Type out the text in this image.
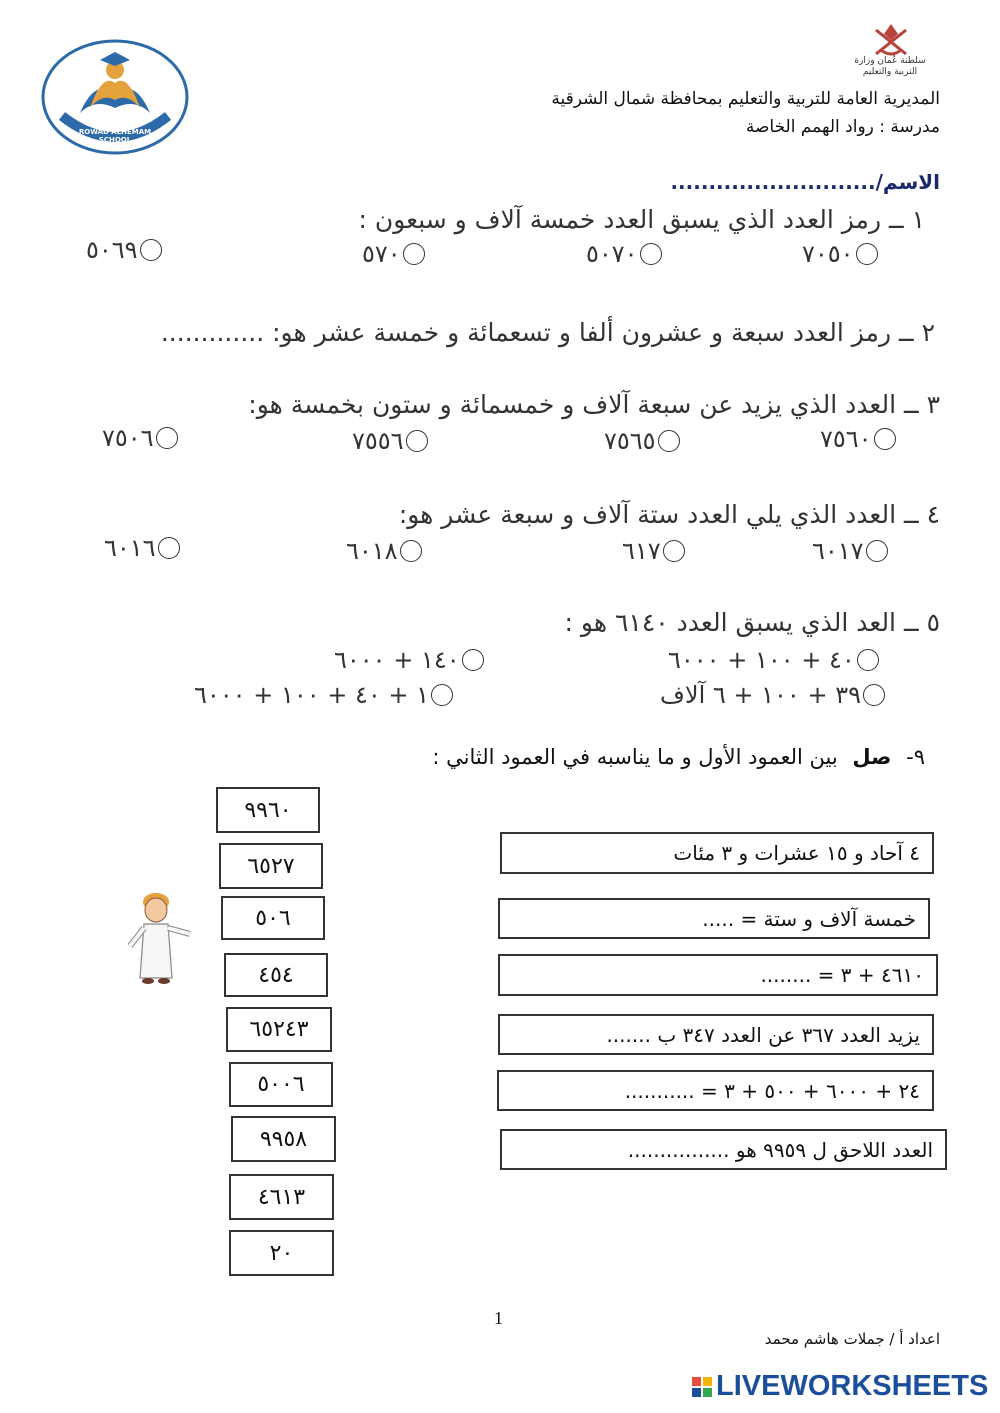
ROWAD ALHEMAM SCHOOL
سلطنة عُمان وزارة التربية والتعليم
المديرية العامة للتربية والتعليم بمحافظة شمال الشرقية
مدرسة : رواد الهمم الخاصة
الاسم/...........................
١ ــ رمز العدد الذي يسبق العدد خمسة آلاف و سبعون :
٧٠٥٠
٥٠٧٠
٥٧٠
٥٠٦٩
٢ ــ رمز العدد سبعة و عشرون ألفا و تسعمائة و خمسة عشر هو: .............
٣ ــ العدد الذي يزيد عن سبعة آلاف و خمسمائة و ستون بخمسة هو:
٧٥٦٠
٧٥٦٥
٧٥٥٦
٧٥٠٦
٤ ــ العدد الذي يلي العدد ستة آلاف و سبعة عشر هو:
٦٠١٧
٦١٧
٦٠١٨
٦٠١٦
٥ ــ العد الذي يسبق العدد ٦١٤٠ هو :
٤٠ + ١٠٠ + ٦٠٠٠
١٤٠ + ٦٠٠٠
٣٩ + ١٠٠ + ٦ آلاف
١ + ٤٠ + ١٠٠ + ٦٠٠٠
٩- صل بين العمود الأول و ما يناسبه في العمود الثاني :
٩٩٦٠
٦٥٢٧
٥٠٦
٤٥٤
٦٥٢٤٣
٥٠٠٦
٩٩٥٨
٤٦١٣
٢٠
٤ آحاد و ١٥ عشرات و ٣ مئات
خمسة آلاف و ستة = .....
٤٦١٠ + ٣ = ........
يزيد العدد ٣٦٧ عن العدد ٣٤٧ ب .......
٢٤ + ٦٠٠٠ + ٥٠٠ + ٣ = ...........
العدد اللاحق ل ٩٩٥٩ هو ................
1
اعداد أ / جملات هاشم محمد
LIVEWORKSHEETS
